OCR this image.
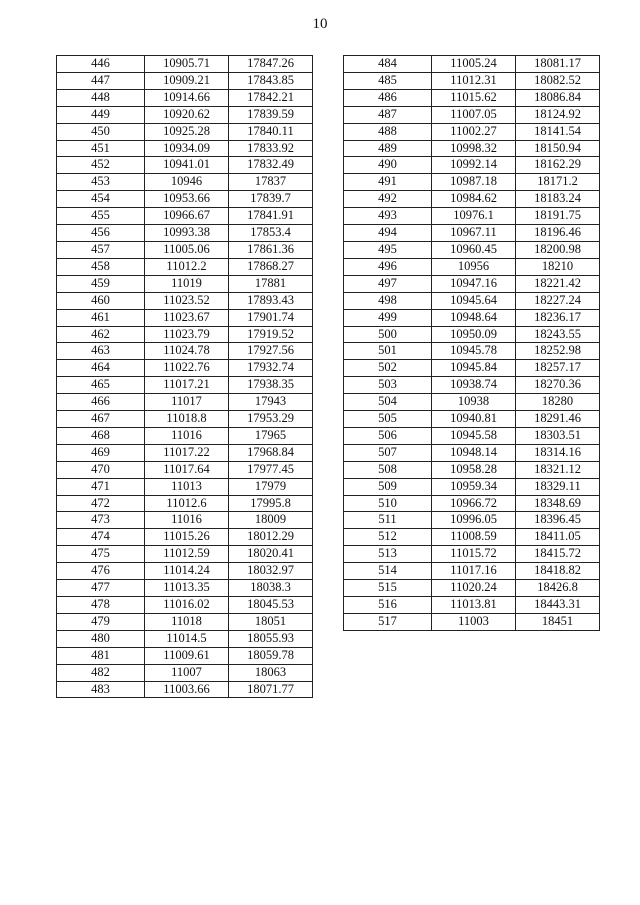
10
446	10905.71	17847.26
447	10909.21	17843.85
448	10914.66	17842.21
449	10920.62	17839.59
450	10925.28	17840.11
451	10934.09	17833.92
452	10941.01	17832.49
453	10946	17837
454	10953.66	17839.7
455	10966.67	17841.91
456	10993.38	17853.4
457	11005.06	17861.36
458	11012.2	17868.27
459	11019	17881
460	11023.52	17893.43
461	11023.67	17901.74
462	11023.79	17919.52
463	11024.78	17927.56
464	11022.76	17932.74
465	11017.21	17938.35
466	11017	17943
467	11018.8	17953.29
468	11016	17965
469	11017.22	17968.84
470	11017.64	17977.45
471	11013	17979
472	11012.6	17995.8
473	11016	18009
474	11015.26	18012.29
475	11012.59	18020.41
476	11014.24	18032.97
477	11013.35	18038.3
478	11016.02	18045.53
479	11018	18051
480	11014.5	18055.93
481	11009.61	18059.78
482	11007	18063
483	11003.66	18071.77
484	11005.24	18081.17
485	11012.31	18082.52
486	11015.62	18086.84
487	11007.05	18124.92
488	11002.27	18141.54
489	10998.32	18150.94
490	10992.14	18162.29
491	10987.18	18171.2
492	10984.62	18183.24
493	10976.1	18191.75
494	10967.11	18196.46
495	10960.45	18200.98
496	10956	18210
497	10947.16	18221.42
498	10945.64	18227.24
499	10948.64	18236.17
500	10950.09	18243.55
501	10945.78	18252.98
502	10945.84	18257.17
503	10938.74	18270.36
504	10938	18280
505	10940.81	18291.46
506	10945.58	18303.51
507	10948.14	18314.16
508	10958.28	18321.12
509	10959.34	18329.11
510	10966.72	18348.69
511	10996.05	18396.45
512	11008.59	18411.05
513	11015.72	18415.72
514	11017.16	18418.82
515	11020.24	18426.8
516	11013.81	18443.31
517	11003	18451
